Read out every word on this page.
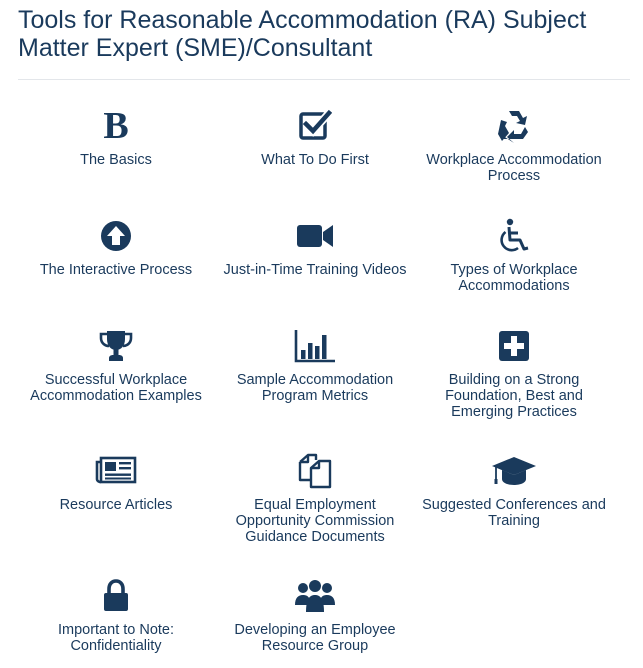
Tools for Reasonable Accommodation (RA) Subject Matter Expert (SME)/Consultant
B
The Basics	What To Do First	Workplace Accommodation Process
The Interactive Process	Just-in-Time Training Videos	Types of Workplace Accommodations
Successful Workplace Accommodation Examples
Sample Accommodation Program Metrics
Building on a Strong Foundation, Best and Emerging Practices
Resource Articles	Equal Employment Opportunity Commission Guidance Documents
Suggested Conferences and Training
Important to Note: Confidentiality
Developing an Employee Resource Group
